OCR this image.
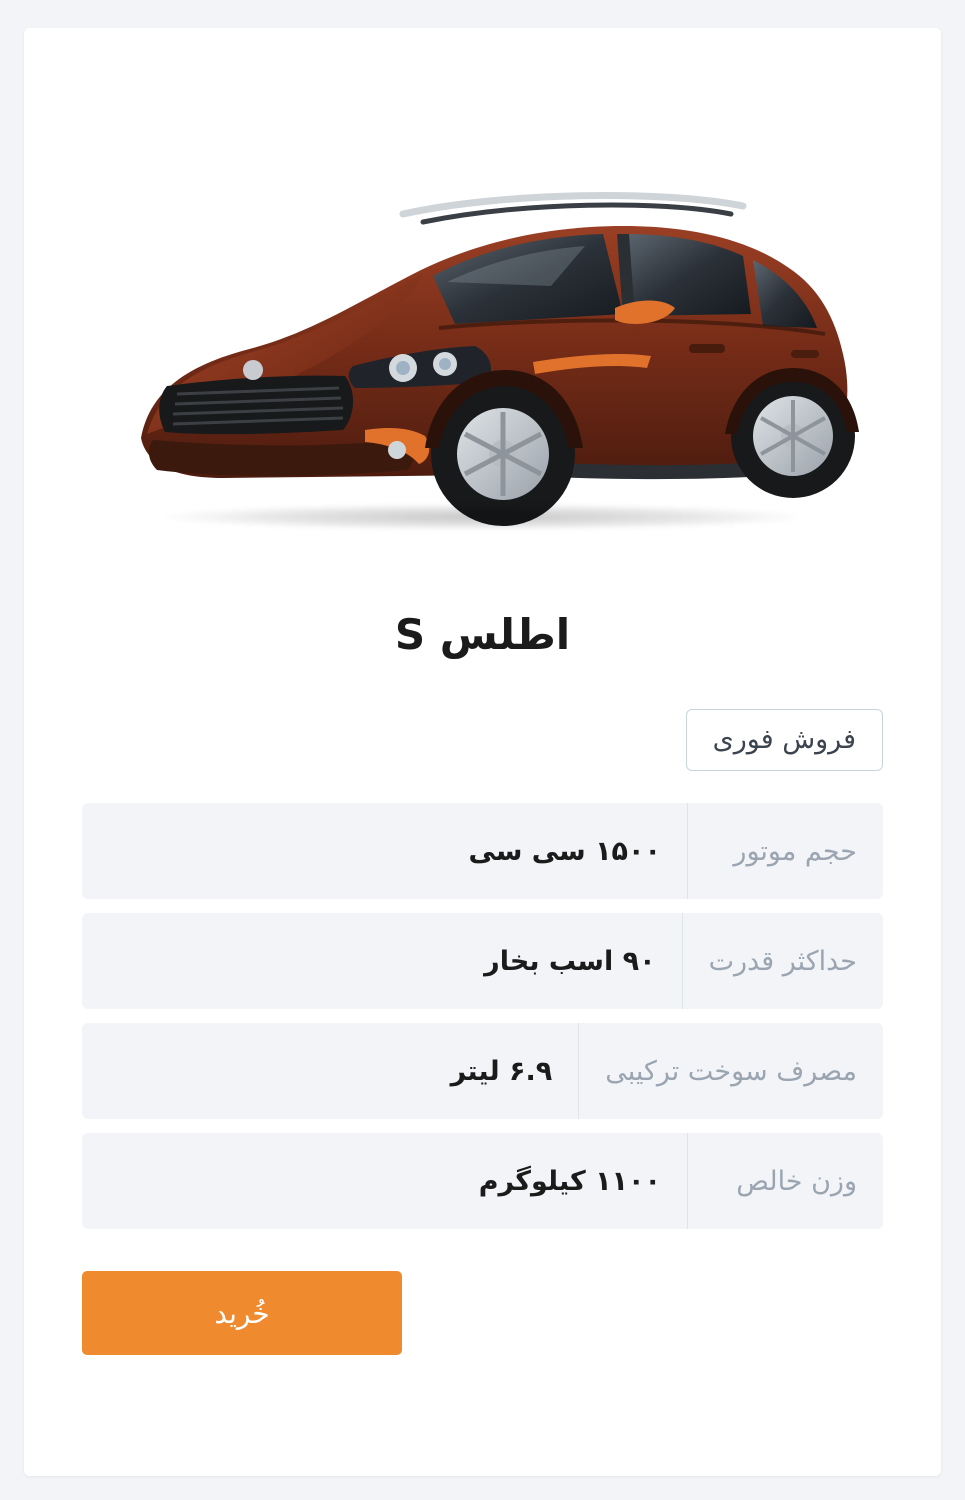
اطلس S
فروش فوری
حجم موتور
۱۵۰۰ سی سی
حداکثر قدرت
۹۰ اسب بخار
مصرف سوخت ترکیبی
۶.۹ لیتر
وزن خالص
۱۱۰۰ کیلوگرم
خُرید
